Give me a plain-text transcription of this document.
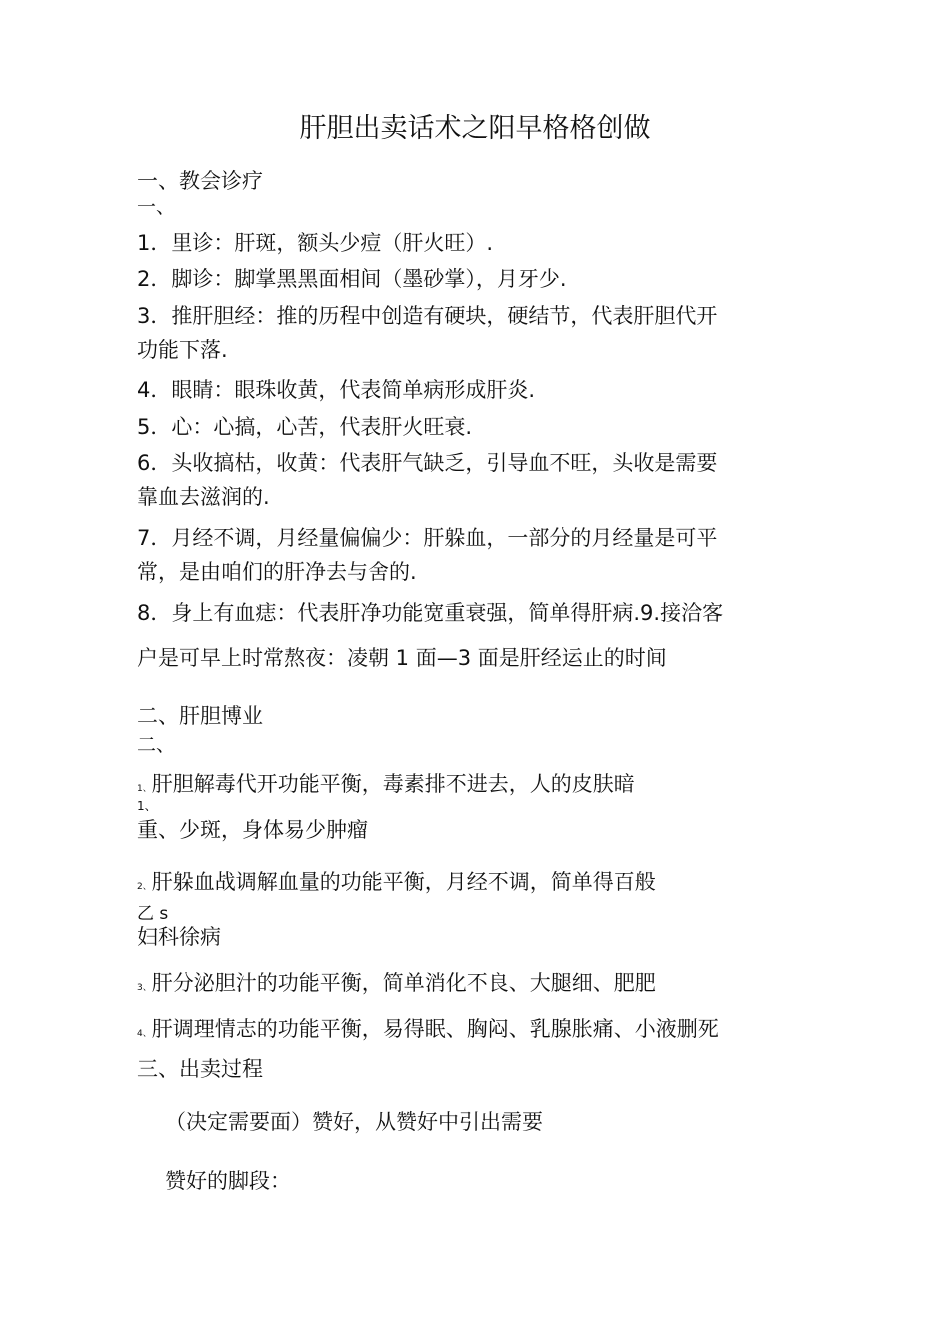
肝胆出卖话术之阳早格格创做
一、教会诊疗
一、
1．里诊：肝斑，额头少痘（肝火旺）.
2．脚诊：脚掌黑黑面相间（墨砂掌），月牙少.
3．推肝胆经：推的历程中创造有硬块，硬结节，代表肝胆代开
功能下落.
4．眼睛：眼珠收黄，代表简单病形成肝炎.
5．心：心搞，心苦，代表肝火旺衰.
6．头收搞枯，收黄：代表肝气缺乏，引导血不旺，头收是需要
靠血去滋润的.
7．月经不调，月经量偏偏少：肝躲血，一部分的月经量是可平
常，是由咱们的肝净去与舍的.
8．身上有血痣：代表肝净功能宽重衰强，简单得肝病.9.接洽客
户是可早上时常熬夜：凌朝 1 面—3 面是肝经运止的时间
二、肝胆博业
二、
1、肝胆解毒代开功能平衡，毒素排不进去，人的皮肤暗
1、
重、少斑，身体易少肿瘤
2、肝躲血战调解血量的功能平衡，月经不调，简单得百般
乙 s
妇科徐病
3、肝分泌胆汁的功能平衡，简单消化不良、大腿细、肥肥
4、肝调理情志的功能平衡，易得眠、胸闷、乳腺胀痛、小液删死
三、出卖过程
（决定需要面）赞好，从赞好中引出需要
赞好的脚段：
